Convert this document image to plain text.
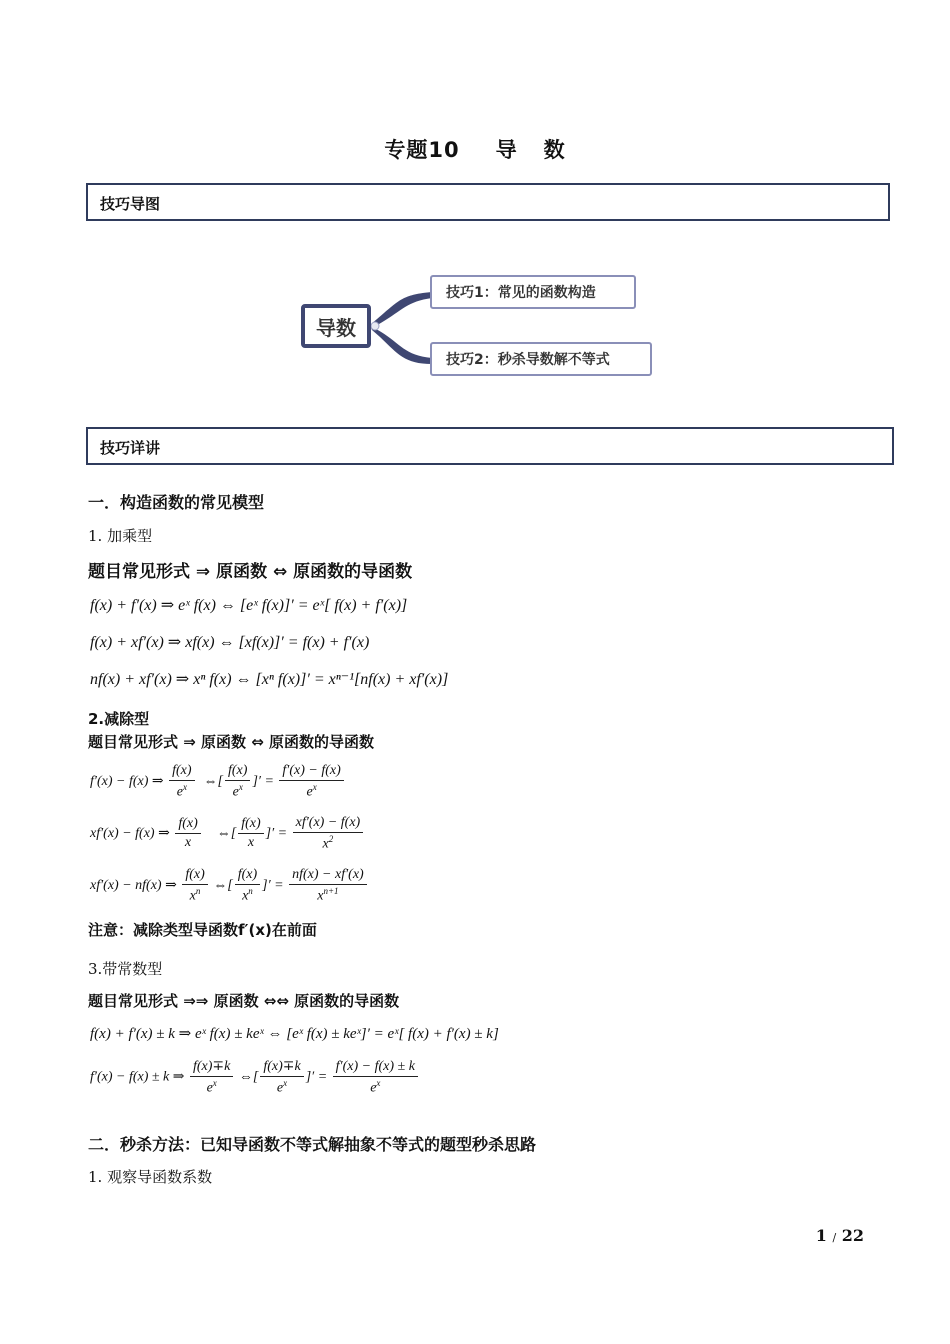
专题10 导 数
技巧导图
导数
技巧1：常见的函数构造
技巧2：秒杀导数解不等式
技巧详讲
一．构造函数的常见模型
1. 加乘型
题目常见形式 ⇒ 原函数 ⇔ 原函数的导函数
f(x) + f′(x) ⇒ eˣ f(x) ⇔ [eˣ f(x)]′ = eˣ[ f(x) + f′(x)]
f(x) + xf′(x) ⇒ xf(x) ⇔ [xf(x)]′ = f(x) + f′(x)
nf(x) + xf′(x) ⇒ xⁿ f(x) ⇔ [xⁿ f(x)]′ = xⁿ⁻¹[nf(x) + xf′(x)]
2.减除型
题目常见形式 ⇒ 原函数 ⇔ 原函数的导函数
f′(x) − f(x) ⇒ $\frac{f(x)}{e^x}$ ⇔[ $\frac{f(x)}{e^x}$ ]′ = $\frac{f'(x) - f(x)}{e^x}$
xf′(x) − f(x) ⇒ $\frac{f(x)}{x}$ ⇔[ $\frac{f(x)}{x}$ ]′ = $\frac{xf'(x) - f(x)}{x^2}$
xf′(x) − nf(x) ⇒ $\frac{f(x)}{x^n}$ ⇔[ $\frac{f(x)}{x^n}$ ]′ = $\frac{nf(x) - xf'(x)}{x^{n+1}}$
注意：减除类型导函数f′(x)在前面
3.带常数型
题目常见形式 ⇒⇒ 原函数 ⇔⇔ 原函数的导函数
f(x) + f′(x) ± k ⇒ eˣ f(x) ± keˣ ⇔ [eˣ f(x) ± keˣ]′ = eˣ[ f(x) + f′(x) ± k]
f′(x) − f(x) ± k ⇒ $\frac{f(x)\mp k}{e^x}$ ⇔[ $\frac{f(x)\mp k}{e^x}$ ]′ = $\frac{f'(x) - f(x) \pm k}{e^x}$
二．秒杀方法：已知导函数不等式解抽象不等式的题型秒杀思路
1. 观察导函数系数
1 / 22
